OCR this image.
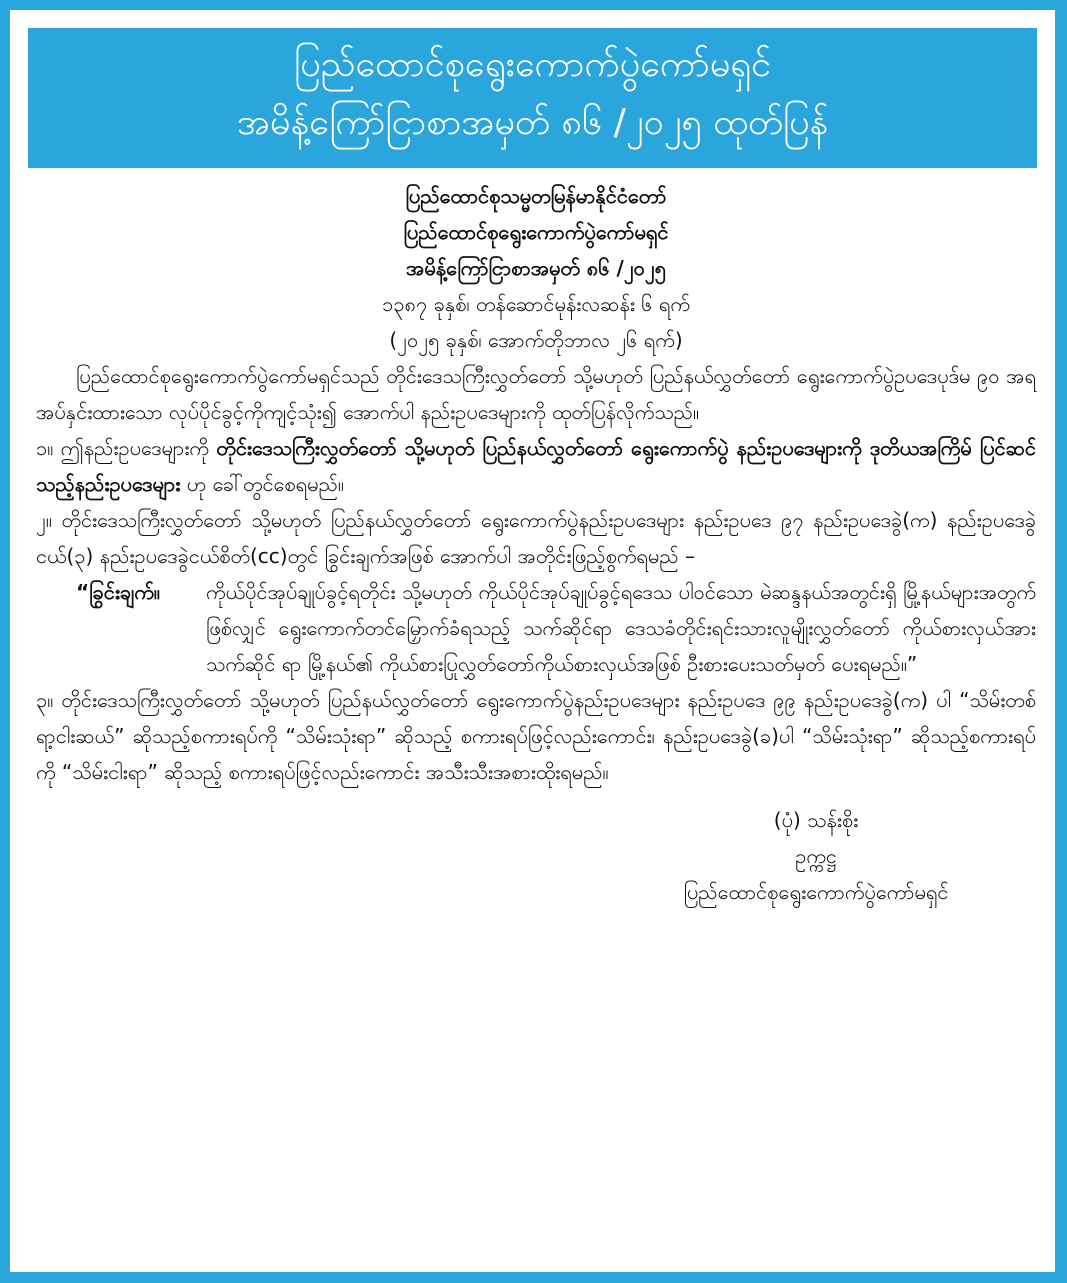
ပြည်ထောင်စုရွေးကောက်ပွဲကော်မရှင်
အမိန့်ကြော်ငြာစာအမှတ် ၈၆ /၂၀၂၅ ထုတ်ပြန်
ပြည်ထောင်စုသမ္မတမြန်မာနိုင်ငံတော်
ပြည်ထောင်စုရွေးကောက်ပွဲကော်မရှင်
အမိန့်ကြော်ငြာစာအမှတ် ၈၆ /၂၀၂၅
၁၃၈၇ ခုနှစ်၊ တန်ဆောင်မုန်းလဆန်း ၆ ရက်
(၂၀၂၅ ခုနှစ်၊ အောက်တိုဘာလ ၂၆ ရက်)

ပြည်ထောင်စုရွေးကောက်ပွဲကော်မရှင်သည် တိုင်းဒေသကြီးလွှတ်တော် သို့မဟုတ် ပြည်နယ်လွှတ်တော် ရွေးကောက်ပွဲဥပဒေပုဒ်မ ၉၀ အရ အပ်နှင်းထားသော လုပ်ပိုင်ခွင့်ကိုကျင့်သုံး၍ အောက်ပါ နည်းဥပဒေများကို ထုတ်ပြန်လိုက်သည်။

၁။ ဤနည်းဥပဒေများကို တိုင်းဒေသကြီးလွှတ်တော် သို့မဟုတ် ပြည်နယ်လွှတ်တော် ရွေးကောက်ပွဲ နည်းဥပဒေများကို ဒုတိယအကြိမ် ပြင်ဆင်သည့်နည်းဥပဒေများ ဟု ခေါ်တွင်စေရမည်။

၂။ တိုင်းဒေသကြီးလွှတ်တော် သို့မဟုတ် ပြည်နယ်လွှတ်တော် ရွေးကောက်ပွဲနည်းဥပဒေများ နည်းဥပဒေ ၉၇ နည်းဥပဒေခွဲ(က) နည်းဥပဒေခွဲငယ်(၃) နည်းဥပဒေခွဲငယ်စိတ်(cc)တွင် ခြွင်းချက်အဖြစ် အောက်ပါ အတိုင်းဖြည့်စွက်ရမည် –

“ခြွင်းချက်။	ကိုယ်ပိုင်အုပ်ချုပ်ခွင့်ရတိုင်း သို့မဟုတ် ကိုယ်ပိုင်အုပ်ချုပ်ခွင့်ရဒေသ ပါဝင်သော မဲဆန္ဒနယ်အတွင်းရှိ မြို့နယ်များအတွက်ဖြစ်လျှင် ရွေးကောက်တင်မြှောက်ခံရသည့် သက်ဆိုင်ရာ ဒေသခံတိုင်းရင်းသားလူမျိုးလွှတ်တော် ကိုယ်စားလှယ်အား သက်ဆိုင် ရာ မြို့နယ်၏ ကိုယ်စားပြုလွှတ်တော်ကိုယ်စားလှယ်အဖြစ် ဦးစားပေးသတ်မှတ် ပေးရမည်။”

၃။ တိုင်းဒေသကြီးလွှတ်တော် သို့မဟုတ် ပြည်နယ်လွှတ်တော် ရွေးကောက်ပွဲနည်းဥပဒေများ နည်းဥပဒေ ၉၉ နည်းဥပဒေခွဲ(က) ပါ “သိမ်းတစ်ရာ့ငါးဆယ်” ဆိုသည့်စကားရပ်ကို “သိမ်းသုံးရာ” ဆိုသည့် စကားရပ်ဖြင့်လည်းကောင်း၊ နည်းဥပဒေခွဲ(ခ)ပါ “သိမ်းသုံးရာ” ဆိုသည့်စကားရပ်ကို “သိမ်းငါးရာ” ဆိုသည့် စကားရပ်ဖြင့်လည်းကောင်း အသီးသီးအစားထိုးရမည်။

(ပုံ) သန်းစိုး
ဥက္ကဋ္ဌ
ပြည်ထောင်စုရွေးကောက်ပွဲကော်မရှင်
